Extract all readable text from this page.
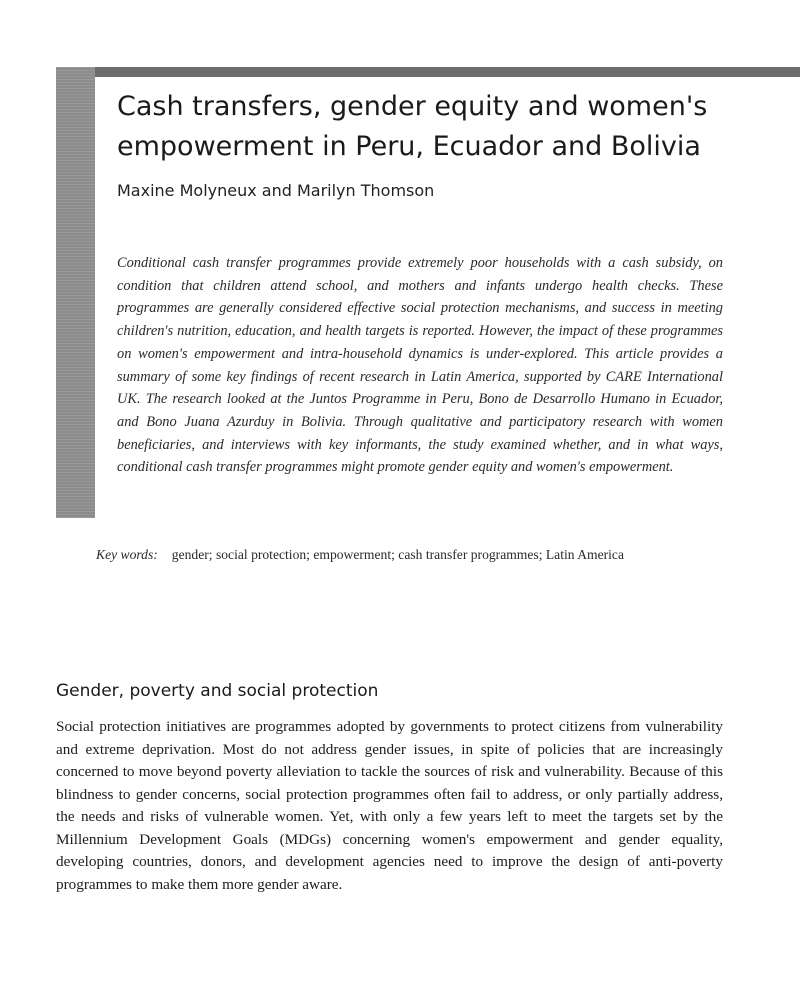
Cash transfers, gender equity and women's empowerment in Peru, Ecuador and Bolivia

Maxine Molyneux and Marilyn Thomson

Conditional cash transfer programmes provide extremely poor households with a cash subsidy, on condition that children attend school, and mothers and infants undergo health checks. These programmes are generally considered effective social protection mechanisms, and success in meeting children's nutrition, education, and health targets is reported. However, the impact of these programmes on women's empowerment and intra-household dynamics is under-explored. This article provides a summary of some key findings of recent research in Latin America, supported by CARE International UK. The research looked at the Juntos Programme in Peru, Bono de Desarrollo Humano in Ecuador, and Bono Juana Azurduy in Bolivia. Through qualitative and participatory research with women beneficiaries, and interviews with key informants, the study examined whether, and in what ways, conditional cash transfer programmes might promote gender equity and women's empowerment.

Key words: gender; social protection; empowerment; cash transfer programmes; Latin America

Gender, poverty and social protection

Social protection initiatives are programmes adopted by governments to protect citizens from vulnerability and extreme deprivation. Most do not address gender issues, in spite of policies that are increasingly concerned to move beyond poverty alleviation to tackle the sources of risk and vulnerability. Because of this blindness to gender concerns, social protection programmes often fail to address, or only partially address, the needs and risks of vulnerable women. Yet, with only a few years left to meet the targets set by the Millennium Development Goals (MDGs) concerning women's empowerment and gender equality, developing countries, donors, and development agencies need to improve the design of anti-poverty programmes to make them more gender aware.
